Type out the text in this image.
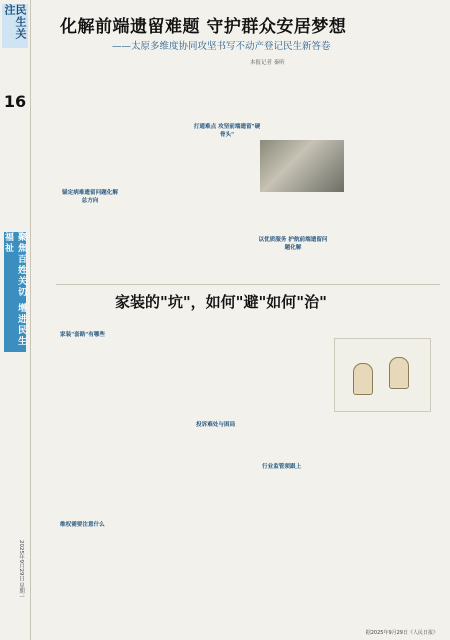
民生关注
16
聚焦百姓关切 增进民生福祉
2025年9月29日 星期一
化解前端遗留难题 守护群众安居梦想
——太原多维度协同攻坚书写不动产登记民生新答卷
本报记者 秦昕
锚定病难遗留问题化解总方向
打通难点 攻坚前端遗留"硬骨头"
以优质服务 护航前端遗留问题化解
家装的"坑"，如何"避"如何"治"
家装"套路"有哪些
维权需要注意什么
投诉难处与困局
行业监管须跟上
据2025年9月29日《人民日报》
